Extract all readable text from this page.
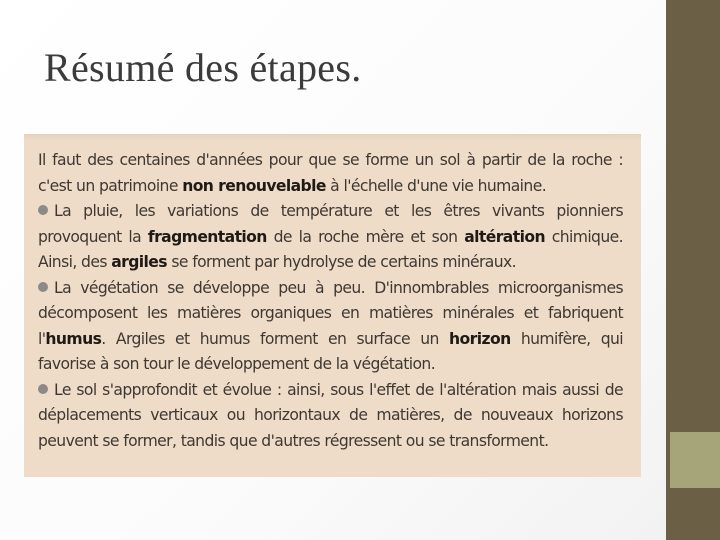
Résumé des étapes.

Il faut des centaines d'années pour que se forme un sol à partir de la roche : c'est un patrimoine non renouvelable à l'échelle d'une vie humaine.

La pluie, les variations de température et les êtres vivants pionniers provoquent la fragmentation de la roche mère et son altération chimique. Ainsi, des argiles se forment par hydrolyse de certains minéraux.

La végétation se développe peu à peu. D'innombrables microorganismes décomposent les matières organiques en matières minérales et fabriquent l'humus. Argiles et humus forment en surface un horizon humifère, qui favorise à son tour le développement de la végétation.

Le sol s'approfondit et évolue : ainsi, sous l'effet de l'altération mais aussi de déplacements verticaux ou horizontaux de matières, de nouveaux horizons peuvent se former, tandis que d'autres régressent ou se transforment.
